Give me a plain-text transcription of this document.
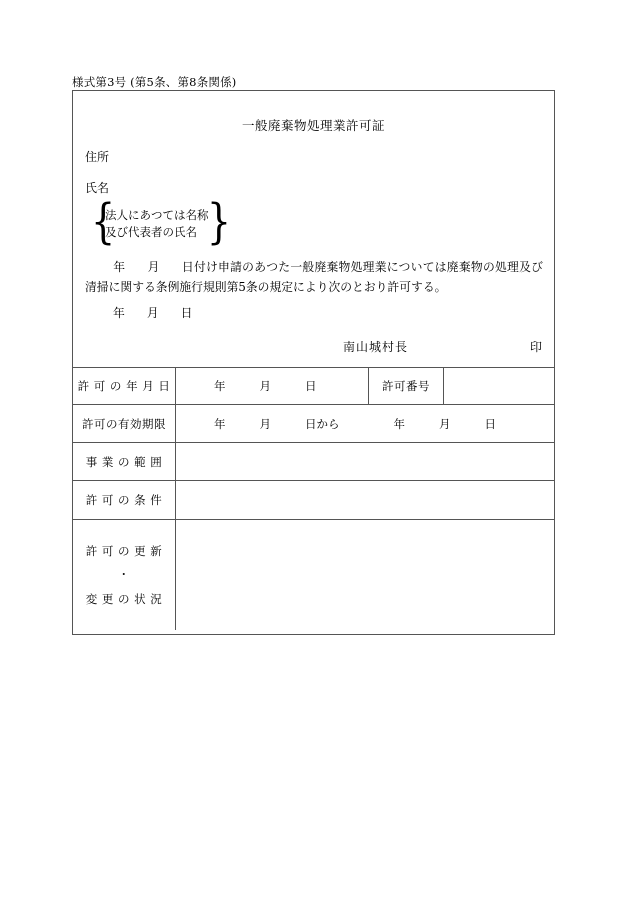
様式第3号 (第5条、第8条関係)
一般廃棄物処理業許可証
住所
氏名
{
法人にあつては名称
及び代表者の氏名 }
年 月 日付け申請のあつた一般廃棄物処理業については廃棄物の処理及び清掃に関する条例施行規則第5条の規定により次のとおり許可する。
年 月 日
南山城村長	印
許 可 の 年 月 日	年 月 日	許可番号	
許可の有効期限	年 月 日から 年 月 日		
事 業 の 範 囲			
許 可 の 条 件			

許 可 の 更 新
・
変 更 の 状 況			
